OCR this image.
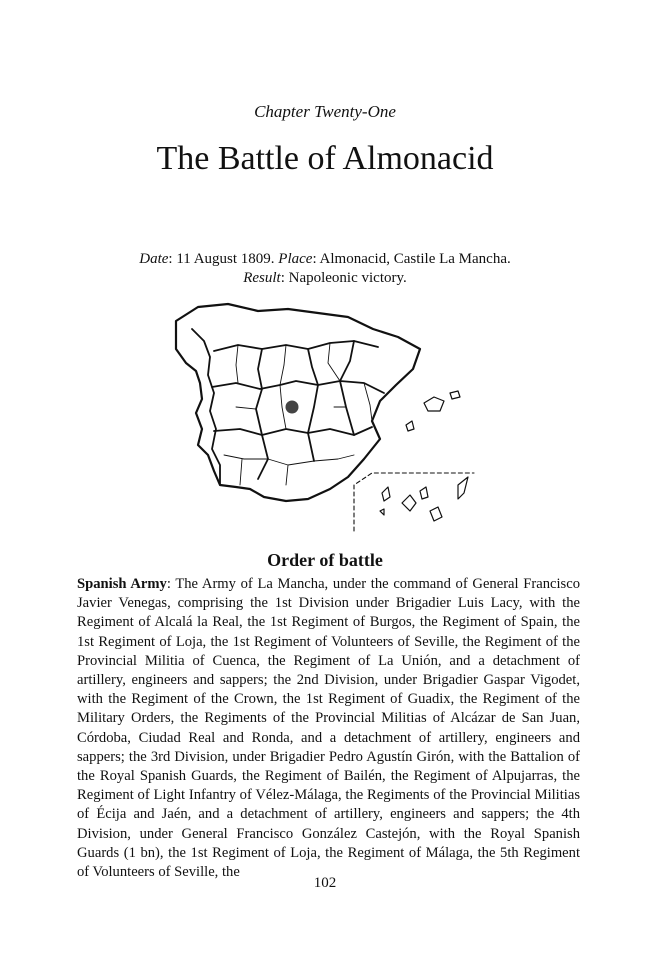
Chapter Twenty-One
The Battle of Almonacid
Date: 11 August 1809. Place: Almonacid, Castile La Mancha.
Result: Napoleonic victory.
Order of battle

Spanish Army: The Army of La Mancha, under the command of General Francisco Javier Venegas, comprising the 1st Division under Brigadier Luis Lacy, with the Regiment of Alcalá la Real, the 1st Regiment of Burgos, the Regiment of Spain, the 1st Regiment of Loja, the 1st Regiment of Volunteers of Seville, the Regiment of the Provincial Militia of Cuenca, the Regiment of La Unión, and a detachment of artillery, engineers and sappers; the 2nd Division, under Brigadier Gaspar Vigodet, with the Regiment of the Crown, the 1st Regiment of Guadix, the Regiment of the Military Orders, the Regiments of the Provincial Militias of Alcázar de San Juan, Córdoba, Ciudad Real and Ronda, and a detachment of artillery, engineers and sappers; the 3rd Division, under Brigadier Pedro Agustín Girón, with the Battalion of the Royal Spanish Guards, the Regiment of Bailén, the Regiment of Alpujarras, the Regiment of Light Infantry of Vélez-Málaga, the Regiments of the Provincial Militias of Écija and Jaén, and a detachment of artillery, engineers and sappers; the 4th Division, under General Francisco González Castejón, with the Royal Spanish Guards (1 bn), the 1st Regiment of Loja, the Regiment of Málaga, the 5th Regiment of Volunteers of Seville, the

102
